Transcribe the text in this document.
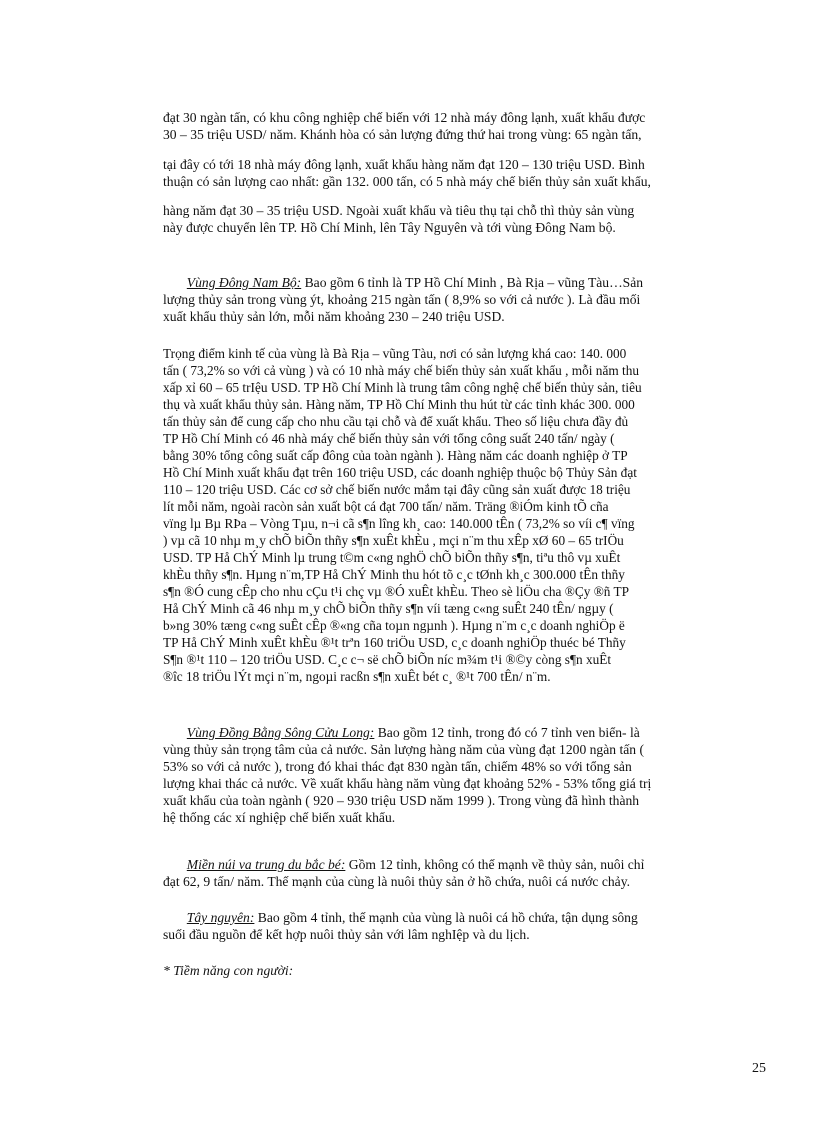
đạt 30 ngàn tấn, có khu công nghiệp chế biến với 12 nhà máy đông lạnh, xuất khẩu được
30 – 35 triệu USD/ năm. Khánh hòa có sản lượng đứng thứ hai trong vùng: 65 ngàn tấn,
tại đây có tới 18 nhà máy đông lạnh, xuất khẩu hàng năm đạt 120 – 130 triệu USD. Bình
thuận có sản lượng cao nhất: gần 132. 000 tấn, có 5 nhà máy chế biến thủy sản xuất khẩu,
hàng năm đạt 30 – 35 triệu USD. Ngoài xuất khẩu và tiêu thụ tại chỗ thì thủy sản vùng
này được chuyển lên TP. Hồ Chí Minh, lên Tây Nguyên và tới vùng Đông Nam bộ.
Vùng Đông Nam Bộ: Bao gồm 6 tỉnh là TP Hồ Chí Minh , Bà Rịa – vũng Tàu…Sản
lượng thủy sản trong vùng ýt, khoảng 215 ngàn tấn ( 8,9% so với cả nước ). Là đầu mối
xuất khẩu thủy sản lớn, mỗi năm khoảng 230 – 240 triệu USD.
Trọng điểm kinh tế của vùng là Bà Rịa – vũng Tàu, nơi có sản lượng khá cao: 140. 000
tấn ( 73,2% so với cả vùng ) và có 10 nhà máy chế biến thủy sản xuất khẩu , mỗi năm thu
xấp xỉ 60 – 65 trIệu USD. TP Hồ Chí Minh là trung tâm công nghệ chế biến thủy sản, tiêu
thụ và xuất khẩu thủy sản. Hàng năm, TP Hồ Chí Minh thu hút từ các tỉnh khác 300. 000
tấn thủy sản để cung cấp cho nhu cầu tại chỗ và để xuất khẩu. Theo số liệu chưa đầy đủ
TP Hồ Chí Minh có 46 nhà máy chế biến thủy sản với tổng công suất 240 tấn/ ngày (
bằng 30% tổng công suất cấp đông của toàn ngành ). Hàng năm các doanh nghiệp ở TP
Hồ Chí Minh xuất khẩu đạt trên 160 triệu USD, các doanh nghiệp thuộc bộ Thủy Sản đạt
110 – 120 triệu USD. Các cơ sở chế biến nước mắm tại đây cũng sản xuất được 18 triệu
lít mỗi năm, ngoài racòn sản xuất bột cá đạt 700 tấn/ năm. Träng ®iÓm kinh tÕ cña
vïng lµ Bµ RÞa – Vòng Tµu, n¬i cã s¶n lîng kh¸ cao: 140.000 tÊn ( 73,2% so víi c¶ vïng
) vµ cã 10 nhµ m¸y chÕ biÕn thñy s¶n xuÊt khÈu , mçi n¨m thu xÊp xØ 60 – 65 trIÖu
USD. TP Hå ChÝ Minh lµ trung t©m c«ng nghÖ chÕ biÕn thñy s¶n, tiªu thô vµ xuÊt
khÈu thñy s¶n. Hµng n¨m,TP Hå ChÝ Minh thu hót tõ c¸c tØnh kh¸c 300.000 tÊn thñy
s¶n ®Ó cung cÊp cho nhu cÇu t¹i chç vµ ®Ó xuÊt khÈu. Theo sè liÖu cha ®Çy ®ñ TP
Hå ChÝ Minh cã 46 nhµ m¸y chÕ biÕn thñy s¶n víi tæng c«ng suÊt 240 tÊn/ ngµy (
b»ng 30% tæng c«ng suÊt cÊp ®«ng cña toµn ngµnh ). Hµng n¨m c¸c doanh nghiÖp ë
TP Hå ChÝ Minh xuÊt khÈu ®¹t trªn 160 triÖu USD, c¸c doanh nghiÖp thuéc bé Thñy
S¶n ®¹t 110 – 120 triÖu USD. C¸c c¬ së chÕ biÕn níc m¾m t¹i ®©y còng s¶n xuÊt
®îc 18 triÖu lÝt mçi n¨m, ngoµi racßn s¶n xuÊt bét c¸ ®¹t 700 tÊn/ n¨m.
Vùng Đồng Bằng Sông Cửu Long: Bao gồm 12 tỉnh, trong đó có 7 tỉnh ven biển- là
vùng thủy sản trọng tâm của cả nước. Sản lượng hàng năm của vùng đạt 1200 ngàn tấn (
53% so với cả nước ), trong đó khai thác đạt 830 ngàn tấn, chiếm 48% so với tổng sản
lượng khai thác cả nước. Về xuất khẩu hàng năm vùng đạt khoảng 52% - 53% tổng giá trị
xuất khẩu của toàn ngành ( 920 – 930 triệu USD năm 1999 ). Trong vùng đã hình thành
hệ thống các xí nghiệp chế biến xuất khẩu.
Miền núi va trung du bắc bé: Gồm 12 tỉnh, không có thế mạnh về thủy sản, nuôi chỉ
đạt 62, 9 tấn/ năm. Thế mạnh của cùng là nuôi thủy sản ở hồ chứa, nuôi cá nước chảy.
Tây nguyên: Bao gồm 4 tỉnh, thế mạnh của vùng là nuôi cá hồ chứa, tận dụng sông
suối đầu nguồn để kết hợp nuôi thủy sản với lâm nghIệp và du lịch.
* Tiềm năng con người:
25
